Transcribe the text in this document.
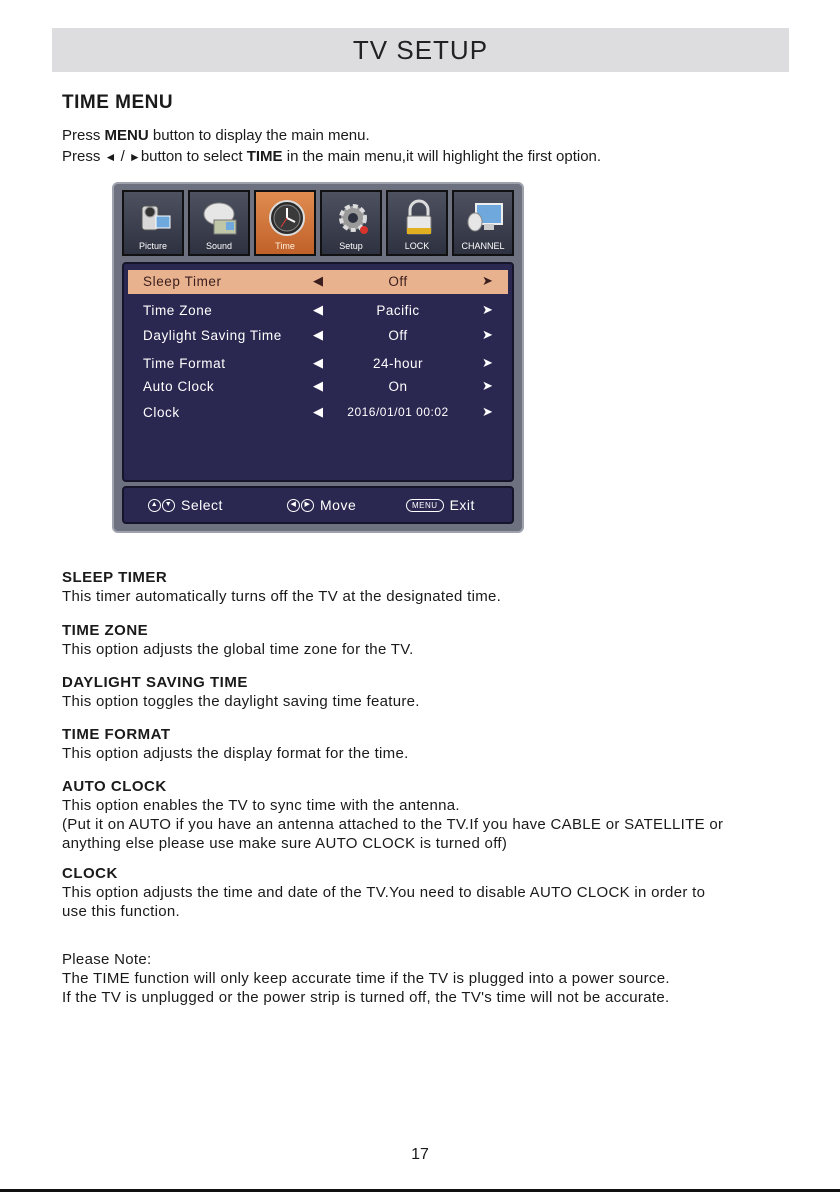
TV SETUP
TIME MENU
Press MENU button to display the main menu.
Press ◄ / ►button to select TIME in the main menu,it will highlight the first option.
Picture	Sound	Time	Setup	LOCK	CHANNEL
Sleep Timer	◀	Off	➤
Time Zone	◀	Pacific	➤
Daylight Saving Time ◀	Off	➤
Time Format	◀	24-hour	➤
Auto Clock	◀	On	➤
Clock	◀	2016/01/01 00:02	➤
▲ ▼ Select	◀	▶ Move	MENU Exit
SLEEP TIMER
This timer automatically turns off the TV at the designated time.
TIME ZONE
This option adjusts the global time zone for the TV.
DAYLIGHT SAVING TIME
This option toggles the daylight saving time feature.
TIME FORMAT
This option adjusts the display format for the time.
AUTO CLOCK
This option enables the TV to sync time with the antenna.
(Put it on AUTO if you have an antenna attached to the TV.If you have CABLE or SATELLITE or
anything else please use make sure AUTO CLOCK is turned off)
CLOCK
This option adjusts the time and date of the TV.You need to disable AUTO CLOCK in order to
use this function.
Please Note:
The TIME function will only keep accurate time if the TV is plugged into a power source.
If the TV is unplugged or the power strip is turned off, the TV's time will not be accurate.
17
